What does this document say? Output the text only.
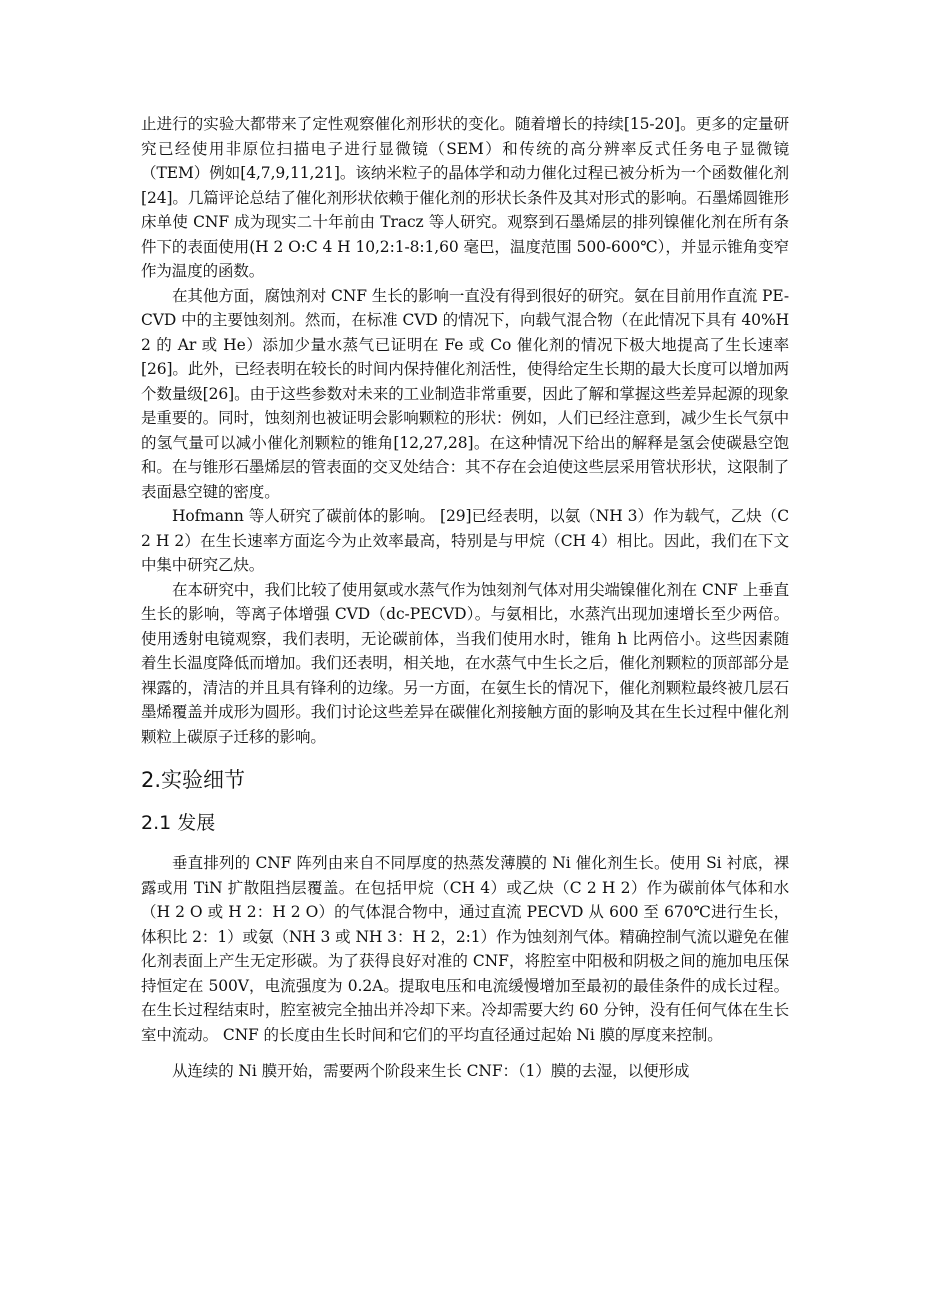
止进行的实验大都带来了定性观察催化剂形状的变化。随着增长的持续[15-20]。更多的定量研究已经使用非原位扫描电子进行显微镜（SEM）和传统的高分辨率反式任务电子显微镜（TEM）例如[4,7,9,11,21]。该纳米粒子的晶体学和动力催化过程已被分析为一个函数催化剂[24]。几篇评论总结了催化剂形状依赖于催化剂的形状长条件及其对形式的影响。石墨烯圆锥形床单使 CNF 成为现实二十年前由 Tracz 等人研究。观察到石墨烯层的排列镍催化剂在所有条件下的表面使用(H 2 O:C 4 H 10,2:1-8:1,60 毫巴，温度范围 500-600℃），并显示锥角变窄作为温度的函数。

在其他方面，腐蚀剂对 CNF 生长的影响一直没有得到很好的研究。氨在目前用作直流 PE-CVD 中的主要蚀刻剂。然而，在标准 CVD 的情况下，向载气混合物（在此情况下具有 40%H 2 的 Ar 或 He）添加少量水蒸气已证明在 Fe 或 Co 催化剂的情况下极大地提高了生长速率[26]。此外，已经表明在较长的时间内保持催化剂活性，使得给定生长期的最大长度可以增加两个数量级[26]。由于这些参数对未来的工业制造非常重要，因此了解和掌握这些差异起源的现象是重要的。同时，蚀刻剂也被证明会影响颗粒的形状：例如，人们已经注意到，减少生长气氛中的氢气量可以减小催化剂颗粒的锥角[12,27,28]。在这种情况下给出的解释是氢会使碳悬空饱和。在与锥形石墨烯层的管表面的交叉处结合：其不存在会迫使这些层采用管状形状，这限制了表面悬空键的密度。

Hofmann 等人研究了碳前体的影响。 [29]已经表明，以氨（NH 3）作为载气，乙炔（C 2 H 2）在生长速率方面迄今为止效率最高，特别是与甲烷（CH 4）相比。因此，我们在下文中集中研究乙炔。

在本研究中，我们比较了使用氨或水蒸气作为蚀刻剂气体对用尖端镍催化剂在 CNF 上垂直生长的影响，等离子体增强 CVD（dc-PECVD）。与氨相比，水蒸汽出现加速增长至少两倍。使用透射电镜观察，我们表明，无论碳前体，当我们使用水时，锥角 h 比两倍小。这些因素随着生长温度降低而增加。我们还表明，相关地，在水蒸气中生长之后，催化剂颗粒的顶部部分是裸露的，清洁的并且具有锋利的边缘。另一方面，在氨生长的情况下，催化剂颗粒最终被几层石墨烯覆盖并成形为圆形。我们讨论这些差异在碳催化剂接触方面的影响及其在生长过程中催化剂颗粒上碳原子迁移的影响。

2.实验细节
2.1 发展

垂直排列的 CNF 阵列由来自不同厚度的热蒸发薄膜的 Ni 催化剂生长。使用 Si 衬底，裸露或用 TiN 扩散阻挡层覆盖。在包括甲烷（CH 4）或乙炔（C 2 H 2）作为碳前体气体和水（H 2 O 或 H 2：H 2 O）的气体混合物中，通过直流 PECVD 从 600 至 670℃进行生长，体积比 2：1）或氨（NH 3 或 NH 3：H 2，2:1）作为蚀刻剂气体。精确控制气流以避免在催化剂表面上产生无定形碳。为了获得良好对准的 CNF，将腔室中阳极和阴极之间的施加电压保持恒定在 500V，电流强度为 0.2A。提取电压和电流缓慢增加至最初的最佳条件的成长过程。在生长过程结束时，腔室被完全抽出并冷却下来。冷却需要大约 60 分钟，没有任何气体在生长室中流动。 CNF 的长度由生长时间和它们的平均直径通过起始 Ni 膜的厚度来控制。

从连续的 Ni 膜开始，需要两个阶段来生长 CNF：（1）膜的去湿，以便形成
